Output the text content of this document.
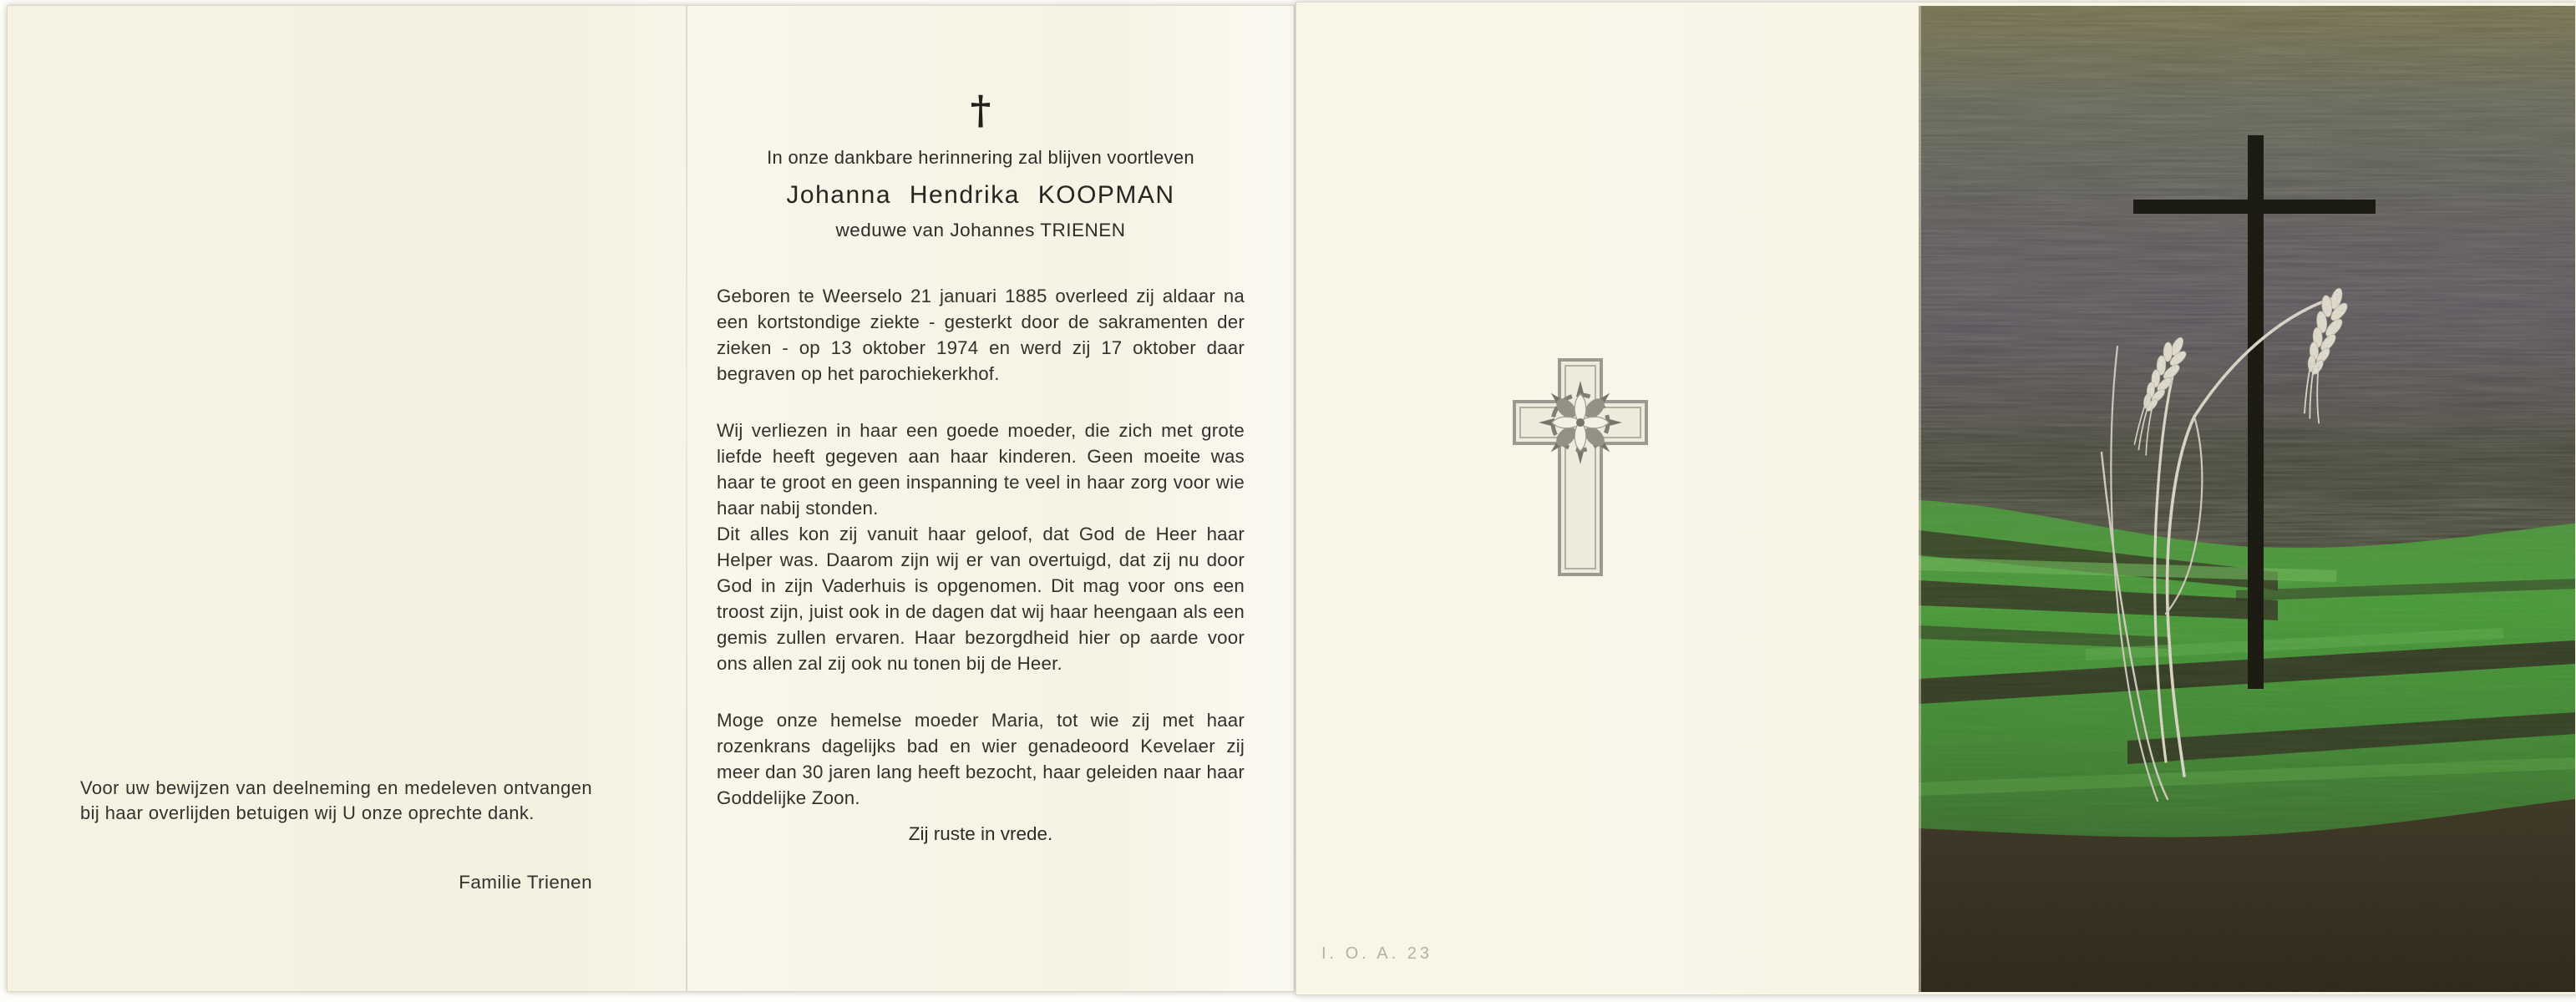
Voor uw bewijzen van deelneming en medeleven ontvangen bij haar overlijden betuigen wij U onze oprechte dank.

Familie Trienen

†

In onze dankbare herinnering zal blijven voortleven

Johanna Hendrika KOOPMAN

weduwe van Johannes TRIENEN

Geboren te Weerselo 21 januari 1885 overleed zij aldaar na een kortstondige ziekte - gesterkt door de sakramenten der zieken - op 13 oktober 1974 en werd zij 17 oktober daar begraven op het parochiekerkhof.

Wij verliezen in haar een goede moeder, die zich met grote liefde heeft gegeven aan haar kinderen. Geen moeite was haar te groot en geen inspanning te veel in haar zorg voor wie haar nabij stonden.

Dit alles kon zij vanuit haar geloof, dat God de Heer haar Helper was. Daarom zijn wij er van overtuigd, dat zij nu door God in zijn Vaderhuis is opgenomen. Dit mag voor ons een troost zijn, juist ook in de dagen dat wij haar heengaan als een gemis zullen ervaren. Haar bezorgdheid hier op aarde voor ons allen zal zij ook nu tonen bij de Heer.

Moge onze hemelse moeder Maria, tot wie zij met haar rozenkrans dagelijks bad en wier genadeoord Kevelaer zij meer dan 30 jaren lang heeft bezocht, haar geleiden naar haar Goddelijke Zoon.

Zij ruste in vrede.

I. O. A. 23
